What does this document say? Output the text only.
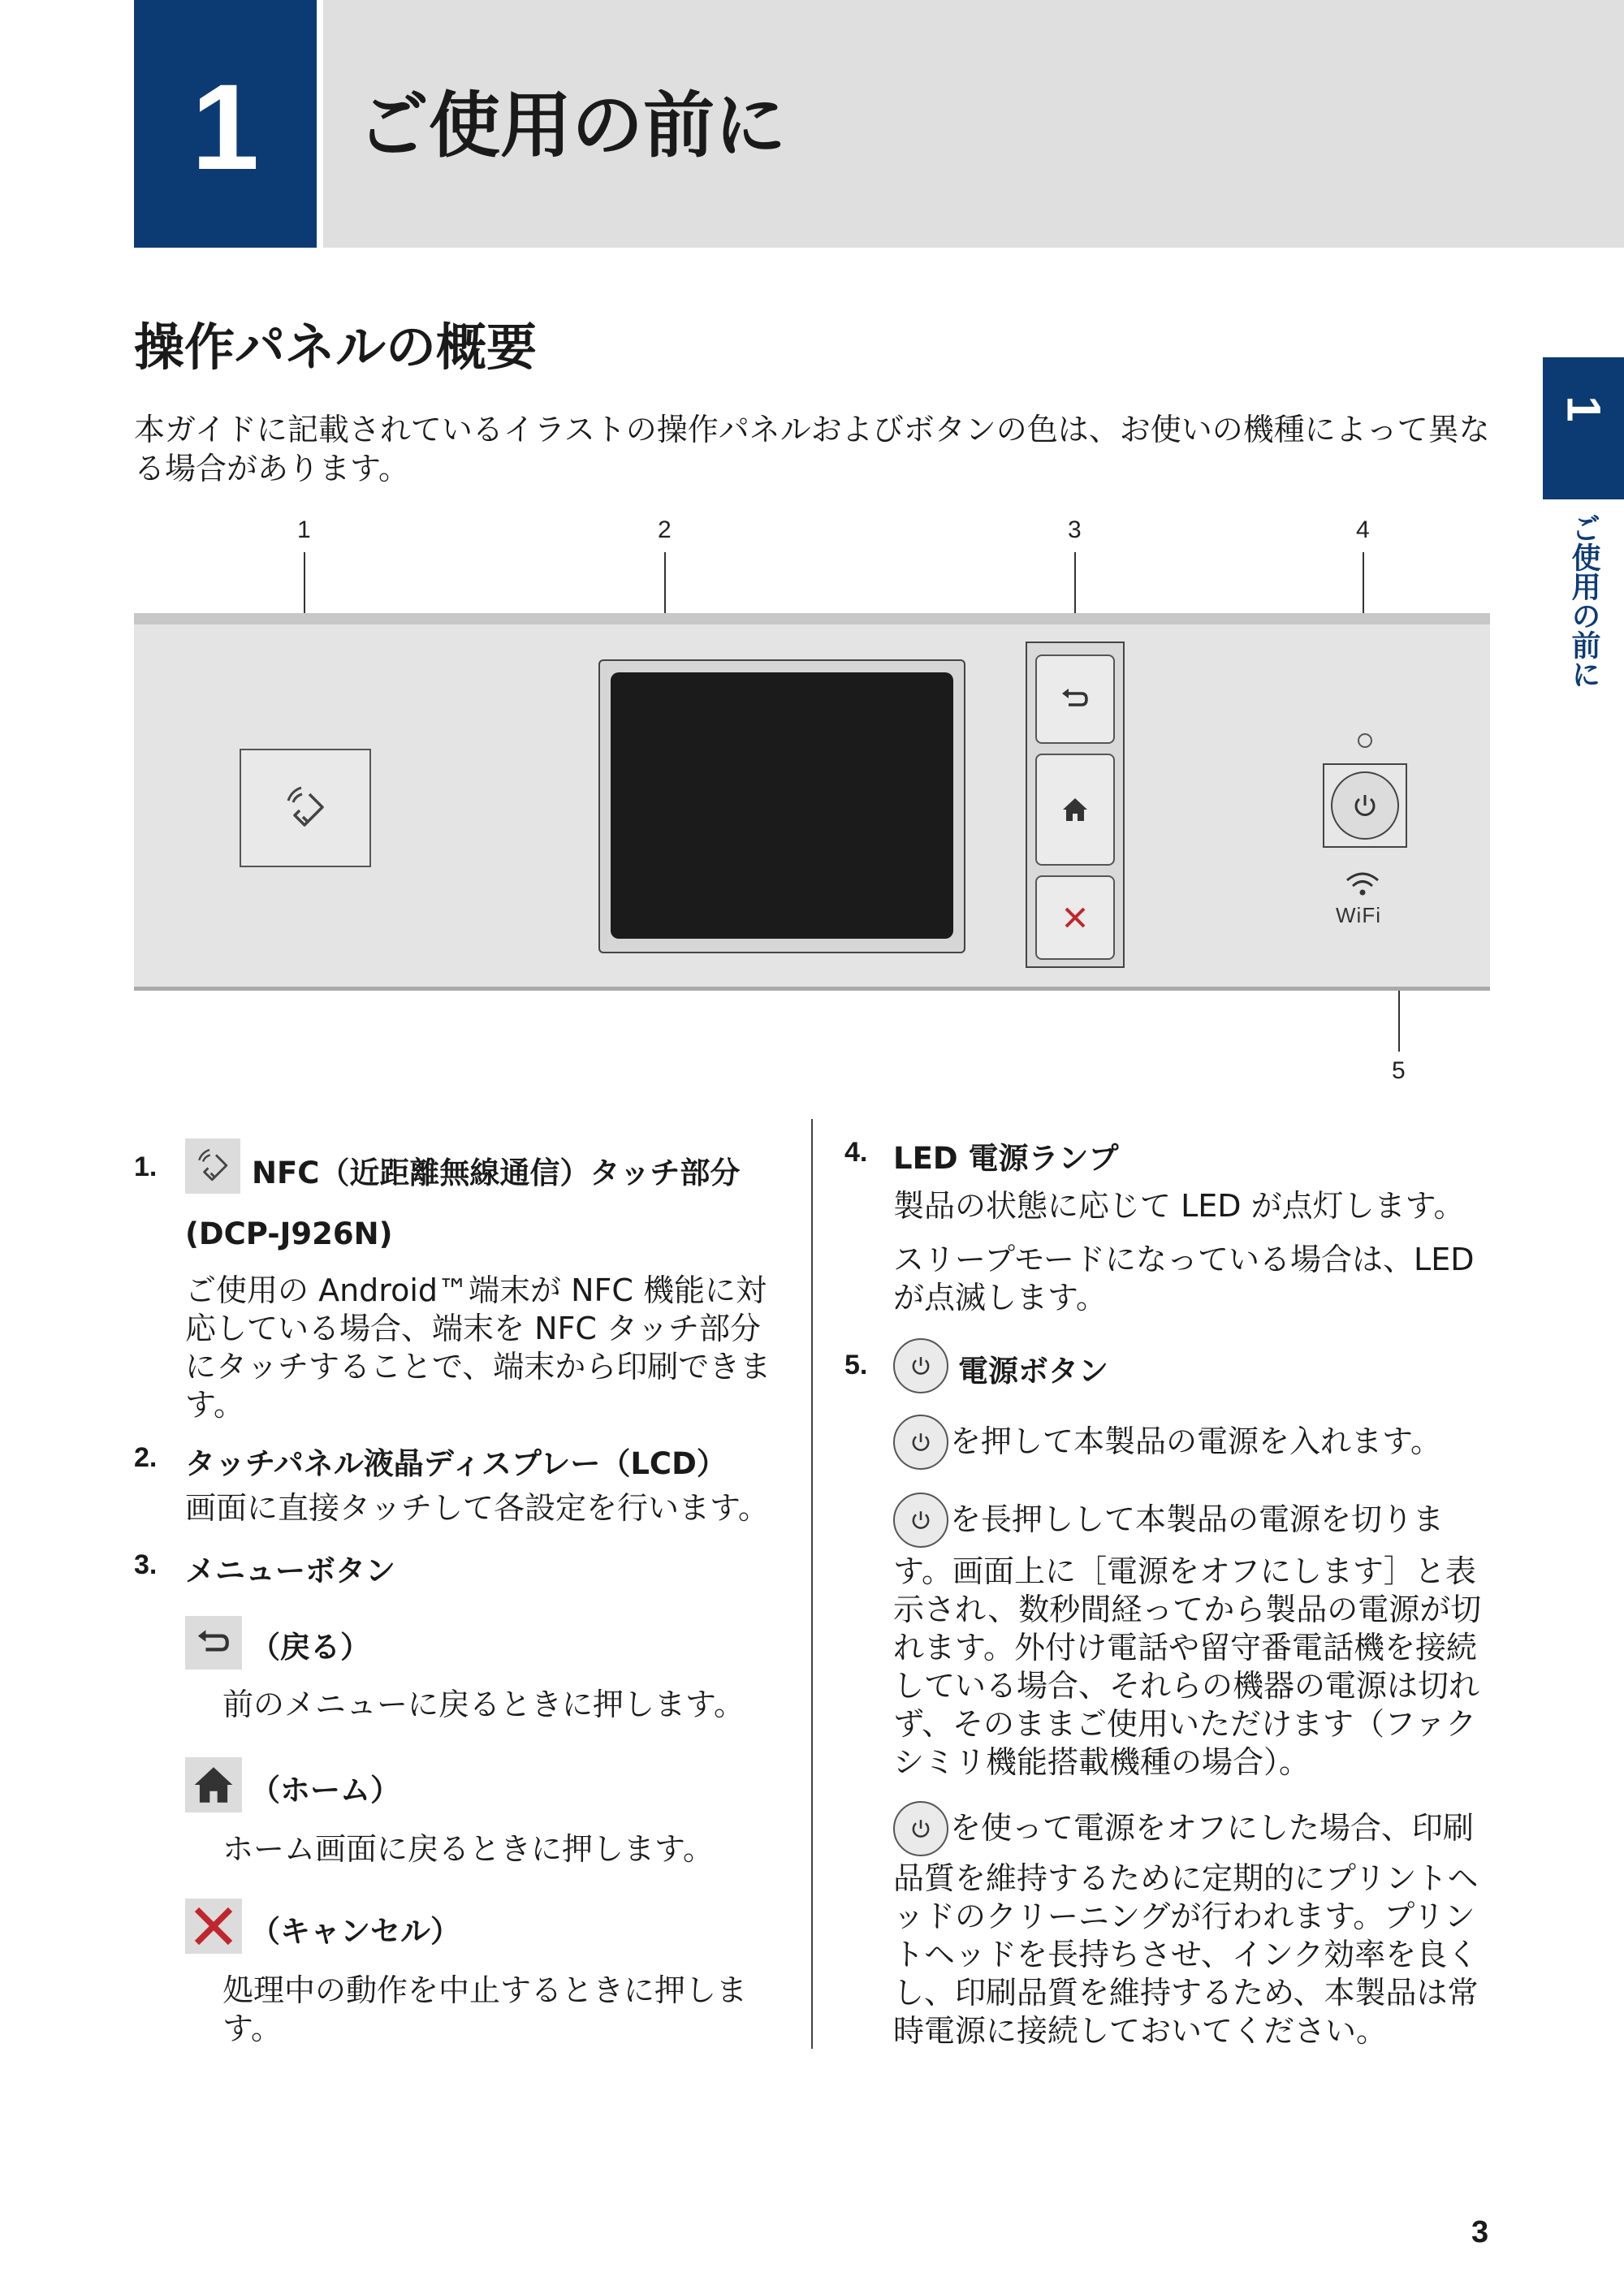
1	ご使用の前に
1
ご使用の前に
操作パネルの概要
本ガイドに記載されているイラストの操作パネルおよびボタンの色は、お使いの機種によって異なる場合があります。
1	2	3	4
5
WiFi
1.	NFC（近距離無線通信）タッチ部分
(DCP-J926N)
ご使用の Android™端末が NFC 機能に対応している場合、端末を NFC タッチ部分にタッチすることで、端末から印刷できます。
2. タッチパネル液晶ディスプレー（LCD）
画面に直接タッチして各設定を行います。
3. メニューボタン
（戻る）
前のメニューに戻るときに押します。
（ホーム）
ホーム画面に戻るときに押します。
（キャンセル）
処理中の動作を中止するときに押します。
4. LED 電源ランプ
製品の状態に応じて LED が点灯します。
スリープモードになっている場合は、LED が点滅します。
5.	電源ボタン
を押して本製品の電源を入れます。
を長押しして本製品の電源を切りま
す。画面上に［電源をオフにします］と表示され、数秒間経ってから製品の電源が切れます。外付け電話や留守番電話機を接続している場合、それらの機器の電源は切れず、そのままご使用いただけます（ファクシミリ機能搭載機種の場合）。
を使って電源をオフにした場合、印刷
品質を維持するために定期的にプリントヘッドのクリーニングが行われます。プリントヘッドを長持ちさせ、インク効率を良くし、印刷品質を維持するため、本製品は常時電源に接続しておいてください。
3
